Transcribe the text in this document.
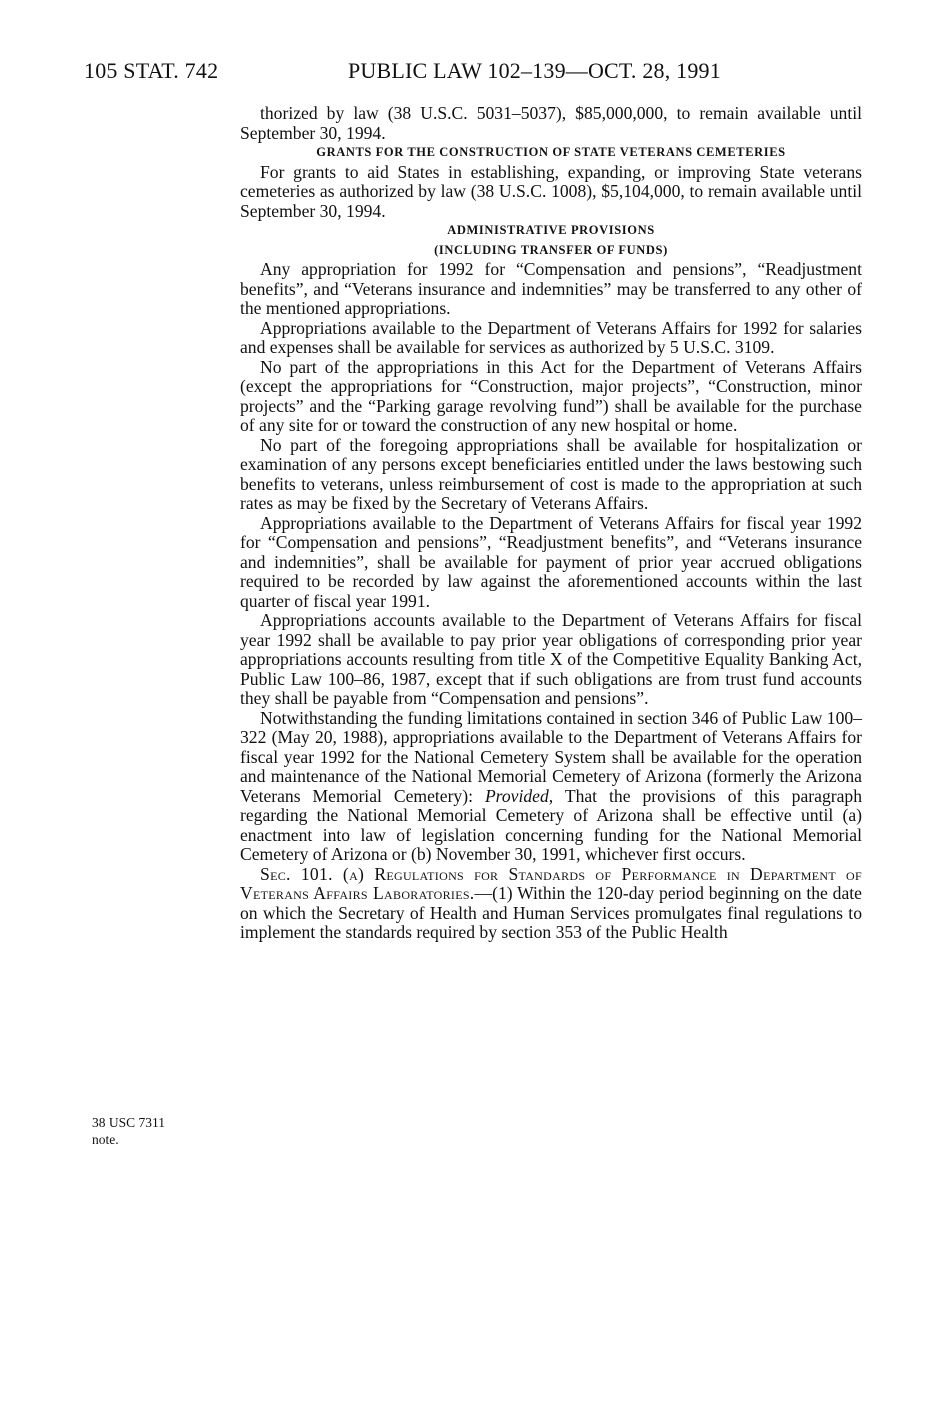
105 STAT. 742	PUBLIC LAW 102–139—OCT. 28, 1991

thorized by law (38 U.S.C. 5031–5037), $85,000,000, to remain available until September 30, 1994.

GRANTS FOR THE CONSTRUCTION OF STATE VETERANS CEMETERIES

For grants to aid States in establishing, expanding, or improving State veterans cemeteries as authorized by law (38 U.S.C. 1008), $5,104,000, to remain available until September 30, 1994.

ADMINISTRATIVE PROVISIONS

(INCLUDING TRANSFER OF FUNDS)

Any appropriation for 1992 for “Compensation and pensions”, “Readjustment benefits”, and “Veterans insurance and indemnities” may be transferred to any other of the mentioned appropriations.

Appropriations available to the Department of Veterans Affairs for 1992 for salaries and expenses shall be available for services as authorized by 5 U.S.C. 3109.

No part of the appropriations in this Act for the Department of Veterans Affairs (except the appropriations for “Construction, major projects”, “Construction, minor projects” and the “Parking garage revolving fund”) shall be available for the purchase of any site for or toward the construction of any new hospital or home.

No part of the foregoing appropriations shall be available for hospitalization or examination of any persons except beneficiaries entitled under the laws bestowing such benefits to veterans, unless reimbursement of cost is made to the appropriation at such rates as may be fixed by the Secretary of Veterans Affairs.

Appropriations available to the Department of Veterans Affairs for fiscal year 1992 for “Compensation and pensions”, “Readjustment benefits”, and “Veterans insurance and indemnities”, shall be available for payment of prior year accrued obligations required to be recorded by law against the aforementioned accounts within the last quarter of fiscal year 1991.

Appropriations accounts available to the Department of Veterans Affairs for fiscal year 1992 shall be available to pay prior year obligations of corresponding prior year appropriations accounts resulting from title X of the Competitive Equality Banking Act, Public Law 100–86, 1987, except that if such obligations are from trust fund accounts they shall be payable from “Compensation and pensions”.

Notwithstanding the funding limitations contained in section 346 of Public Law 100–322 (May 20, 1988), appropriations available to the Department of Veterans Affairs for fiscal year 1992 for the National Cemetery System shall be available for the operation and maintenance of the National Memorial Cemetery of Arizona (formerly the Arizona Veterans Memorial Cemetery): Provided, That the provisions of this paragraph regarding the National Memorial Cemetery of Arizona shall be effective until (a) enactment into law of legislation concerning funding for the National Memorial Cemetery of Arizona or (b) November 30, 1991, whichever first occurs.

Sec. 101. (a) Regulations for Standards of Performance in Department of Veterans Affairs Laboratories.—(1) Within the 120-day period beginning on the date on which the Secretary of Health and Human Services promulgates final regulations to implement the standards required by section 353 of the Public Health

38 USC 7311
note.
